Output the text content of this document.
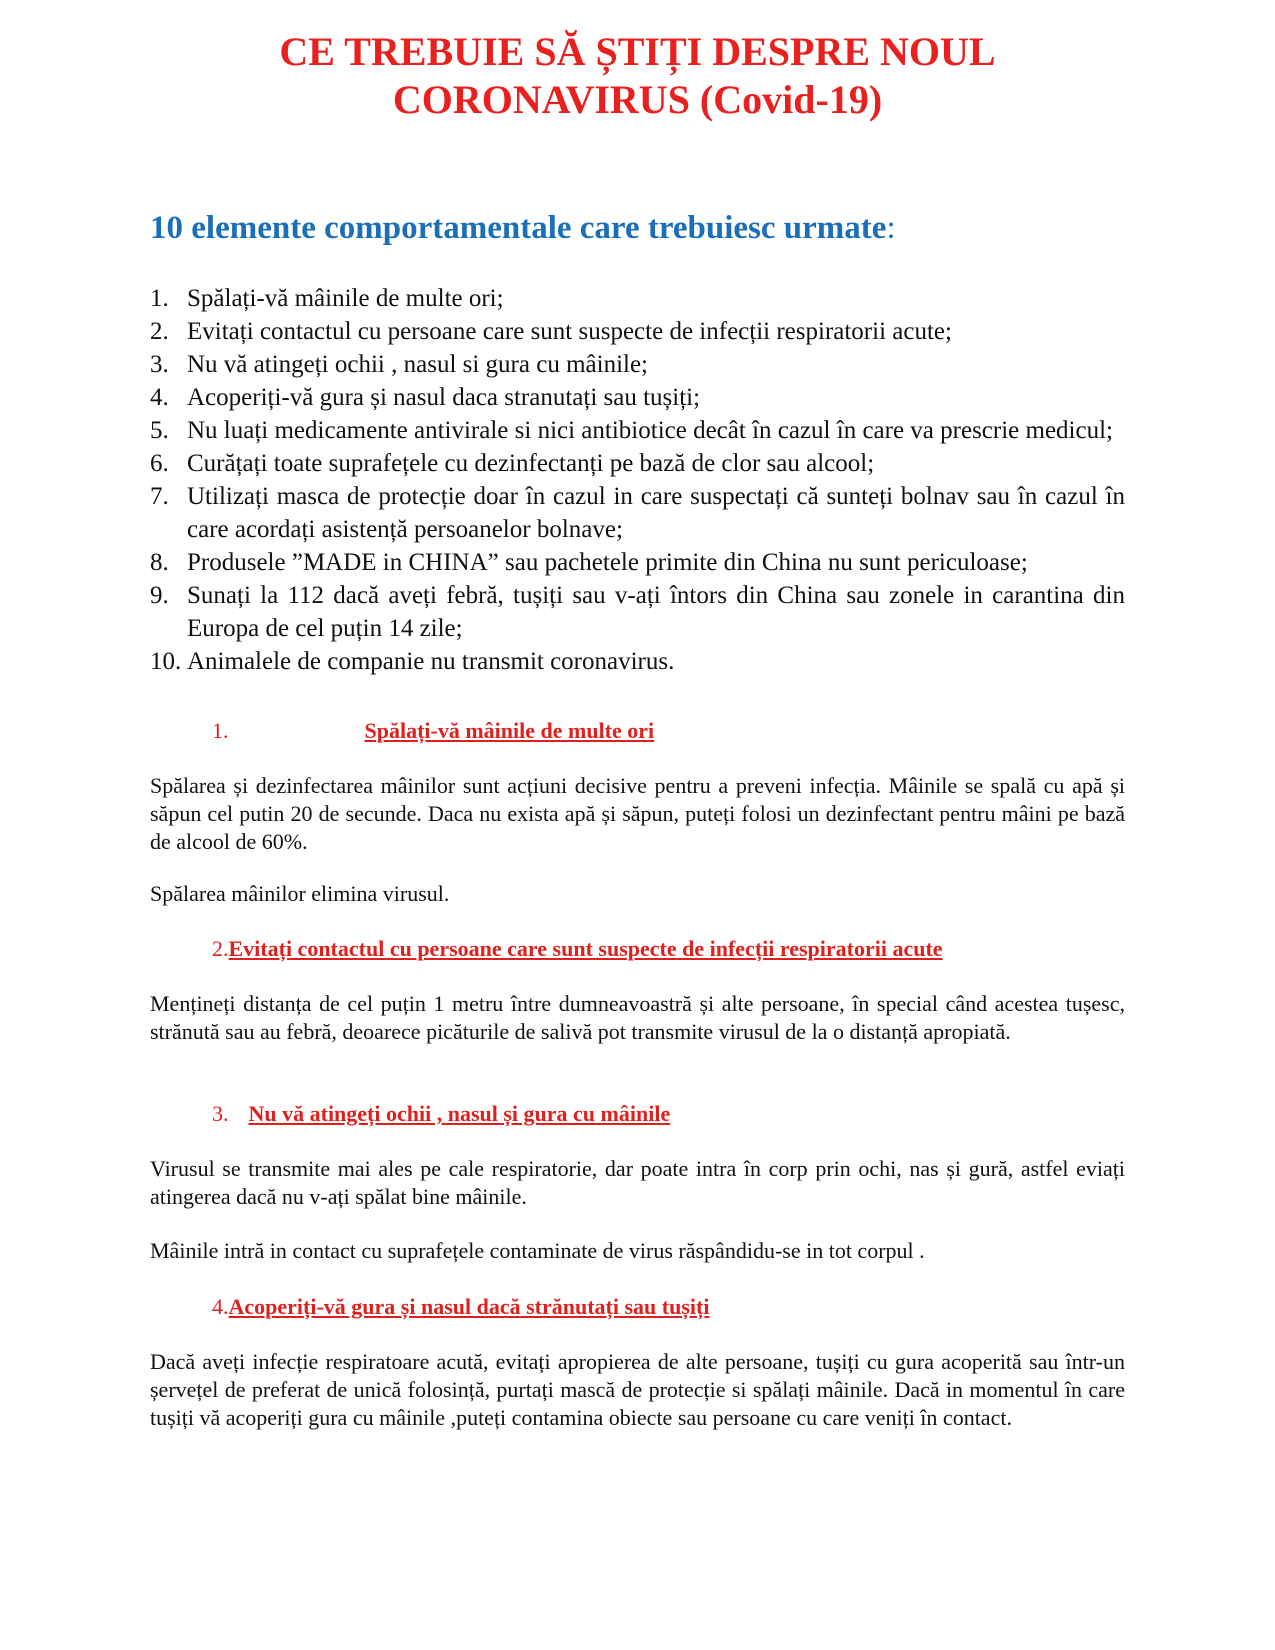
CE TREBUIE SĂ ȘTIȚI DESPRE NOUL
CORONAVIRUS (Covid-19)
10 elemente comportamentale care trebuiesc urmate:
1. Spălați-vă mâinile de multe ori;
2. Evitați contactul cu persoane care sunt suspecte de infecții respiratorii acute;
3. Nu vă atingeți ochii , nasul si gura cu mâinile;
4. Acoperiți-vă gura și nasul daca stranutați sau tușiți;
5. Nu luați medicamente antivirale si nici antibiotice decât în cazul în care va prescrie medicul;
6. Curățați toate suprafețele cu dezinfectanți pe bază de clor sau alcool;
7. Utilizați masca de protecție doar în cazul in care suspectați că sunteți bolnav sau în cazul în care acordați asistență persoanelor bolnave;
8. Produsele ”MADE in CHINA” sau pachetele primite din China nu sunt periculoase;
9. Sunați la 112 dacă aveți febră, tușiți sau v-ați întors din China sau zonele in carantina din Europa de cel puțin 14 zile;
10. Animalele de companie nu transmit coronavirus.
1.	Spălați-vă mâinile de multe ori
Spălarea și dezinfectarea mâinilor sunt acțiuni decisive pentru a preveni infecția. Mâinile se spală cu apă și săpun cel putin 20 de secunde. Daca nu exista apă și săpun, puteți folosi un dezinfectant pentru mâini pe bază de alcool de 60%.
Spălarea mâinilor elimina virusul.
2.Evitați contactul cu persoane care sunt suspecte de infecții respiratorii acute
Mențineți distanța de cel puțin 1 metru între dumneavoastră și alte persoane, în special când acestea tușesc, strănută sau au febră, deoarece picăturile de salivă pot transmite virusul de la o distanță apropiată.
3. Nu vă atingeți ochii , nasul și gura cu mâinile
Virusul se transmite mai ales pe cale respiratorie, dar poate intra în corp prin ochi, nas și gură, astfel eviați atingerea dacă nu v-ați spălat bine mâinile.
Mâinile intră in contact cu suprafețele contaminate de virus răspândidu-se in tot corpul .
4.Acoperiți-vă gura și nasul dacă strănutați sau tușiți
Dacă aveți infecție respiratoare acută, evitați apropierea de alte persoane, tușiți cu gura acoperită sau într-un șervețel de preferat de unică folosință, purtați mască de protecție si spălați mâinile. Dacă in momentul în care tușiți vă acoperiți gura cu mâinile ,puteți contamina obiecte sau persoane cu care veniți în contact.
